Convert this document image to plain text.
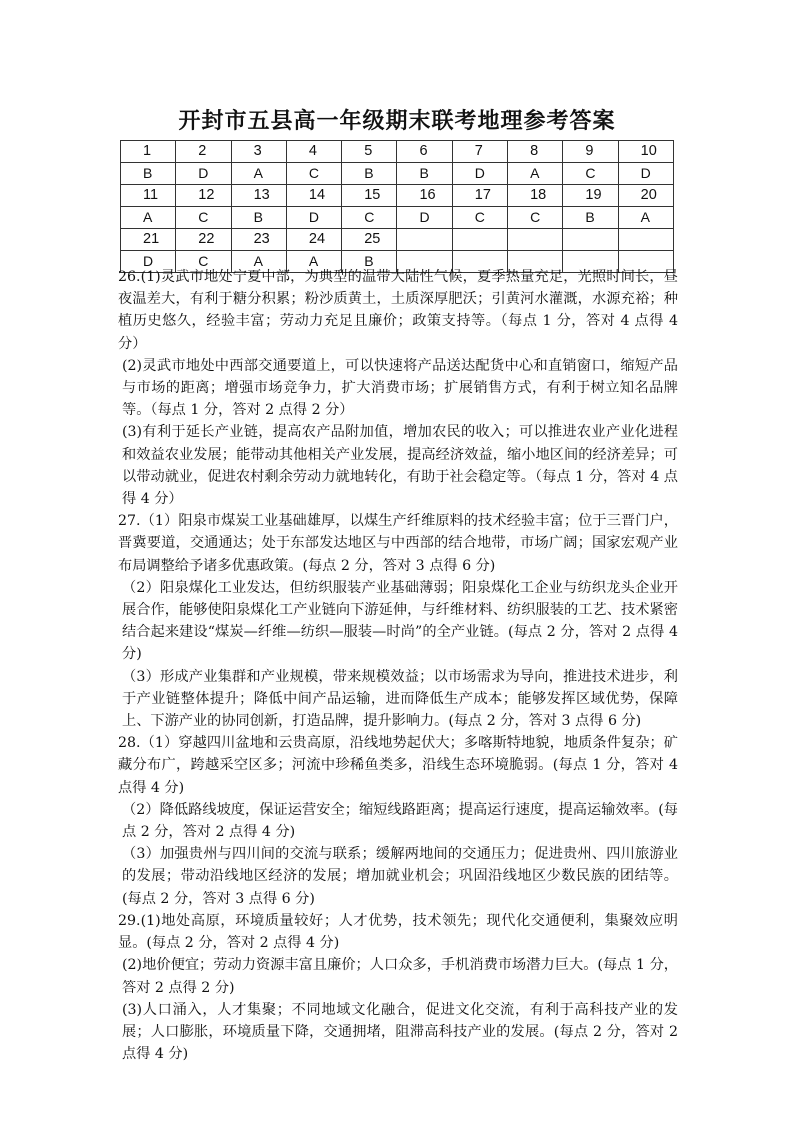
开封市五县高一年级期末联考地理参考答案
1	2	3	4	5	6	7	8	9	10
B	D	A	C	B	B	D	A	C	D
11	12	13	14	15	16	17	18	19	20
A	C	B	D	C	D	C	C	B	A
21	22	23	24	25					
D	C	A	A	B					

26.(1)灵武市地处宁夏中部，为典型的温带大陆性气候，夏季热量充足，光照时间长，昼夜温差大，有利于糖分积累；粉沙质黄土，土质深厚肥沃；引黄河水灌溉，水源充裕；种植历史悠久，经验丰富；劳动力充足且廉价；政策支持等。（每点 1 分，答对 4 点得 4 分）

(2)灵武市地处中西部交通要道上，可以快速将产品送达配货中心和直销窗口，缩短产品与市场的距离；增强市场竞争力，扩大消费市场；扩展销售方式，有利于树立知名品牌等。（每点 1 分，答对 2 点得 2 分）

(3)有利于延长产业链，提高农产品附加值，增加农民的收入；可以推进农业产业化进程和效益农业发展；能带动其他相关产业发展，提高经济效益，缩小地区间的经济差异；可以带动就业，促进农村剩余劳动力就地转化，有助于社会稳定等。（每点 1 分，答对 4 点得 4 分）

27.（1）阳泉市煤炭工业基础雄厚，以煤生产纤维原料的技术经验丰富；位于三晋门户，晋冀要道，交通通达；处于东部发达地区与中西部的结合地带，市场广阔；国家宏观产业布局调整给予诸多优惠政策。(每点 2 分，答对 3 点得 6 分)

（2）阳泉煤化工业发达，但纺织服装产业基础薄弱；阳泉煤化工企业与纺织龙头企业开展合作，能够使阳泉煤化工产业链向下游延伸，与纤维材料、纺织服装的工艺、技术紧密结合起来建设“煤炭—纤维—纺织—服装—时尚”的全产业链。(每点 2 分，答对 2 点得 4 分)

（3）形成产业集群和产业规模，带来规模效益；以市场需求为导向，推进技术进步，利于产业链整体提升；降低中间产品运输，进而降低生产成本；能够发挥区域优势，保障上、下游产业的协同创新，打造品牌，提升影响力。(每点 2 分，答对 3 点得 6 分)

28.（1）穿越四川盆地和云贵高原，沿线地势起伏大；多喀斯特地貌，地质条件复杂；矿藏分布广，跨越采空区多；河流中珍稀鱼类多，沿线生态环境脆弱。(每点 1 分，答对 4 点得 4 分)

（2）降低路线坡度，保证运营安全；缩短线路距离；提高运行速度，提高运输效率。(每点 2 分，答对 2 点得 4 分)

（3）加强贵州与四川间的交流与联系；缓解两地间的交通压力；促进贵州、四川旅游业的发展；带动沿线地区经济的发展；增加就业机会；巩固沿线地区少数民族的团结等。(每点 2 分，答对 3 点得 6 分)

29.(1)地处高原，环境质量较好；人才优势，技术领先；现代化交通便利，集聚效应明显。(每点 2 分，答对 2 点得 4 分)

(2)地价便宜；劳动力资源丰富且廉价；人口众多，手机消费市场潜力巨大。(每点 1 分，答对 2 点得 2 分)

(3)人口涌入，人才集聚；不同地域文化融合，促进文化交流，有利于高科技产业的发展；人口膨胀，环境质量下降，交通拥堵，阻滞高科技产业的发展。(每点 2 分，答对 2 点得 4 分)
